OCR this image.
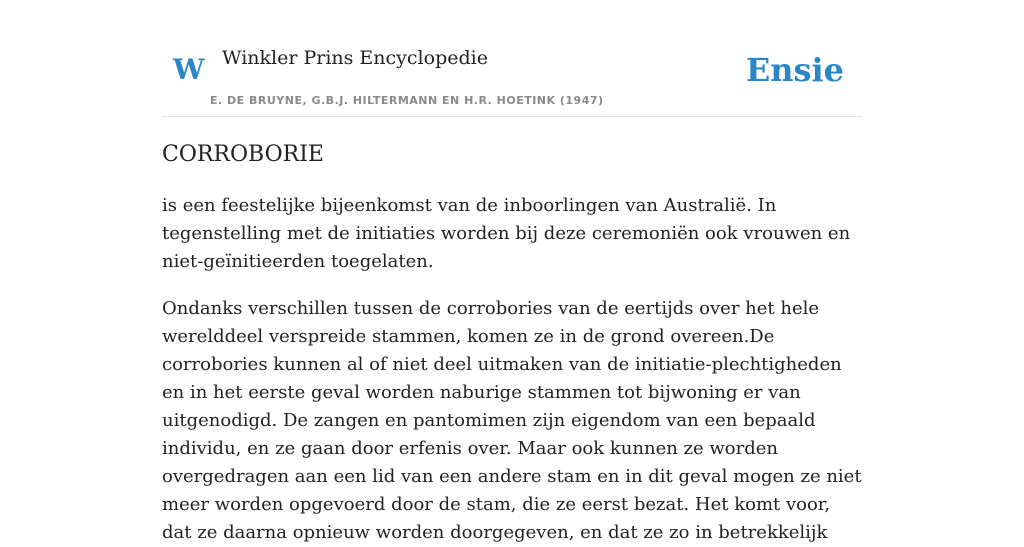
W Winkler Prins Encyclopedie
E. DE BRUYNE, G.B.J. HILTERMANN EN H.R. HOETINK (1947)
Ensie
CORROBORIE

is een feestelijke bijeenkomst van de inboorlingen van Australië. In tegenstelling met de initiaties worden bij deze ceremoniën ook vrouwen en niet-geïnitieerden toegelaten.

Ondanks verschillen tussen de corrobories van de eertijds over het hele werelddeel verspreide stammen, komen ze in de grond overeen.De corrobories kunnen al of niet deel uitmaken van de initiatie-plechtigheden en in het eerste geval worden naburige stammen tot bijwoning er van uitgenodigd. De zangen en pantomimen zijn eigendom van een bepaald individu, en ze gaan door erfenis over. Maar ook kunnen ze worden overgedragen aan een lid van een andere stam en in dit geval mogen ze niet meer worden opgevoerd door de stam, die ze eerst bezat. Het komt voor, dat ze daarna opnieuw worden doorgegeven, en dat ze zo in betrekkelijk
